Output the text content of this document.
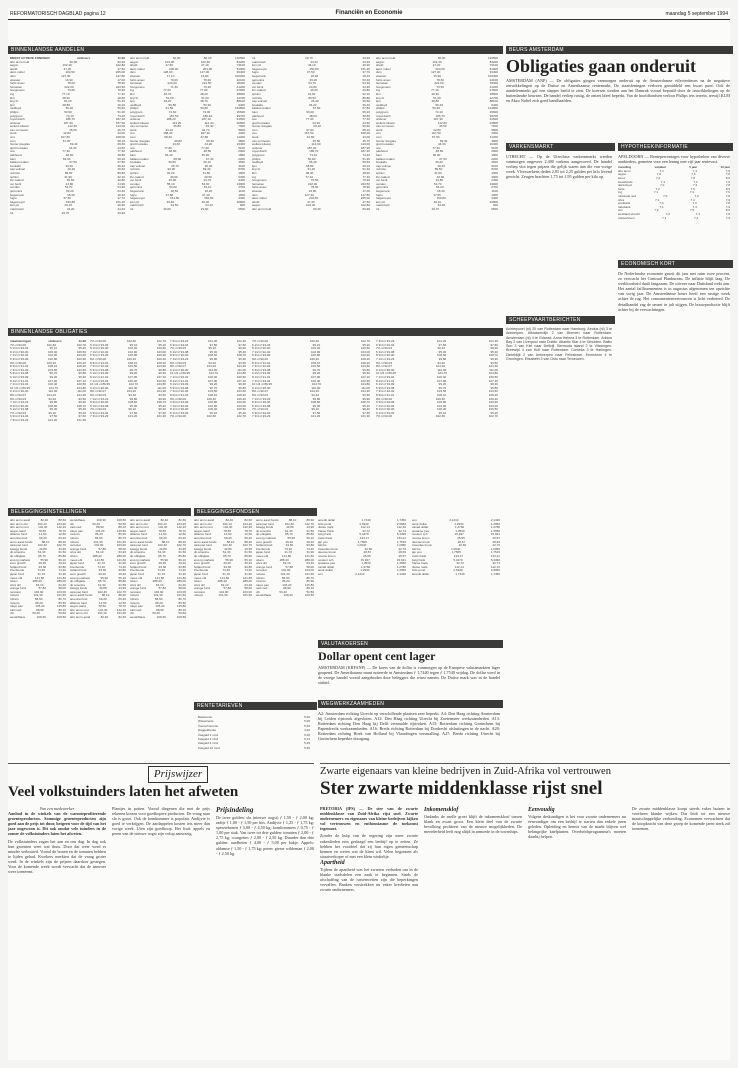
REFORMATORISCH DAGBLAD pagina 12	Financiën en Economie	maandag 5 september 1994
BINNENLANDSE AANDELEN
MEEST ACTIEVE FONDSEN	slotkoers	11.00
abn amro hold	60,30	60,90
aegon	102,40	102,80
ahold	47,20	47,50
akzo nobel	204,50	205,00
dsm	127,30	127,80
elsevier	16,90	17,00
fortis amev	78,60	78,90
heineken	222,00	223,50
hoogovens	70,50	70,90
ing	77,10	77,40
klm	48,30	48,60
knp bt	51,20	51,40
kpn	48,80	49,10
nedlloyd	56,40	56,60
philips	50,90	51,30
polygram	74,10	74,40
royal dutch	186,70	187,20
unilever	187,30	187,90
wolters kluwer	112,60	113,00
van ommeren	45,50	45,70
stork	42,80	43,00
vnu	167,50	168,00
csm	67,90	68,10
hunter douglas	69,40	69,60
gist brocades	44,30	44,50
oce	77,30	77,60
pakhoed	48,60	48,80
bam	66,00	66,20
ballast nedam	67,50	67,80
boskalis	36,20	36,40
cap volmac	26,40	26,60
nutricia	89,50	89,80
sphinx	31,90	32,10
ihc caland	40,60	40,80
ver bezit	24,80	24,90
vendex	54,70	54,90
getronics	63,20	63,40
begemann	18,30	18,40
fugro	37,50	37,70
hagemeyer	150,80	151,20
kon ptt	49,10	49,30
macintosh	44,20	44,40
tnt	29,70	29,90
abn amro hold	60,90	60,30	120500
aegon	103,00	102,30	84200
ahold	47,60	47,10	73100
akzo nobel	206,00	204,00	51000
dsm	128,00	127,00	33400
elsevier	17,10	16,80	102300
fortis amev	79,00	78,40	22100
heineken	224,00	221,50	18300
hoogovens	71,20	70,30	41200
ing	77,60	77,00	97600
klm	48,70	48,20	38900
knp bt	51,50	51,00	12700
kpn	49,20	48,70	88100
nedlloyd	56,80	56,30	9400
philips	51,50	50,80	143800
polygram	74,60	74,00	15600
royal dutch	187,50	186,40	99700
unilever	188,20	187,10	61500
wolters kluwer	113,20	112,40	20800
van ommeren	45,80	45,40	7600
stork	43,10	42,70	5900
vnu	168,40	167,30	4300
csm	68,30	67,80	11200
hunter douglas	69,80	69,30	3800
gist brocades	44,60	44,20	16400
oce	77,80	77,20	6100
pakhoed	48,90	48,50	2900
bam	66,40	65,90	1800
ballast nedam	68,00	67,40	2200
boskalis	36,50	36,10	4500
cap volmac	26,70	26,30	3100
nutricia	90,00	89,40	8700
sphinx	32,20	31,80	1600
ihc caland	40,90	40,50	3300
ver bezit	25,00	24,70	2400
vendex	55,10	54,60	13900
getronics	63,60	63,10	2700
begemann	18,50	18,20	1100
fugro	37,80	37,40	1900
hagemeyer	151,50	150,60	3400
kon ptt	49,40	49,00	22800
macintosh	44,50	44,10	900
tnt	30,00	29,60	6500
tnt	29,70	29,90
macintosh	44,20	44,40
kon ptt	49,10	49,30
hagemeyer	150,80	151,20
fugro	37,50	37,70
begemann	18,30	18,40
getronics	63,20	63,40
vendex	54,70	54,90
ver bezit	24,80	24,90
ihc caland	40,60	40,80
sphinx	31,90	32,10
nutricia	89,50	89,80
cap volmac	26,40	26,60
boskalis	36,20	36,40
ballast nedam	67,50	67,80
bam	66,00	66,20
pakhoed	48,60	48,80
oce	77,30	77,60
gist brocades	44,30	44,50
hunter douglas	69,40	69,60
csm	67,90	68,10
vnu	167,50	168,00
stork	42,80	43,00
van ommeren	45,50	45,70
wolters kluwer	112,60	113,00
unilever	187,30	187,90
royal dutch	186,70	187,20
polygram	74,10	74,40
philips	50,90	51,30
nedlloyd	56,40	56,60
kpn	48,80	49,10
knp bt	51,20	51,40
klm	48,30	48,60
ing	77,10	77,40
hoogovens	70,50	70,90
heineken	222,00	223,50
fortis amev	78,60	78,90
elsevier	16,90	17,00
dsm	127,30	127,80
akzo nobel	204,50	205,00
ahold	47,20	47,50
aegon	102,40	102,80
abn amro hold	60,30	60,90
abn amro hold	60,30	120500
aegon	102,40	84200
ahold	47,20	73100
akzo nobel	204,50	51000
dsm	127,30	33400
elsevier	16,90	102300
fortis amev	78,60	22100
heineken	222,00	18300
hoogovens	70,50	41200
ing	77,10	97600
klm	48,30	38900
knp bt	51,20	12700
kpn	48,80	88100
nedlloyd	56,40	9400
philips	50,90	143800
polygram	74,10	15600
royal dutch	186,70	99700
unilever	187,30	61500
wolters kluwer	112,60	20800
van ommeren	45,50	7600
stork	42,80	5900
vnu	167,50	4300
csm	67,90	11200
hunter douglas	69,40	3800
gist brocades	44,30	16400
oce	77,30	6100
pakhoed	48,60	2900
bam	66,00	1800
ballast nedam	67,50	2200
boskalis	36,20	4500
cap volmac	26,40	3100
nutricia	89,50	8700
sphinx	31,90	1600
ihc caland	40,60	3300
ver bezit	24,80	2400
vendex	54,70	13900
getronics	63,20	2700
begemann	18,30	1100
fugro	37,50	1900
hagemeyer	150,80	3400
kon ptt	49,10	22800
macintosh	44,20	900
tnt	29,70	6500
BINNENLANDSE OBLIGATIES
staatsleningen	slotkoers	11.00
7% nl 93-00	102,60	102,70
6 1/4 nl 93-03	95,10	95,20
8 1/4 nl 90-00	106,40	106,50
7 1/2 nl 92-02	102,90	103,00
6 3/4 nl 93-99	100,80	100,90
9% nl 90-00	109,30	109,40
8 3/4 nl 91-01	108,10	108,20
7 3/4 nl 92-02	103,50	103,60
5 3/4 nl 93-98	96,70	96,80
6 1/2 nl 93-99	99,20	99,30
8 1/2 nl 91-01	107,00	107,10
7 1/4 nl 93-04	100,40	100,50
10 1/4 nl 89-95	104,70	104,80
9 1/4 nl 90-00	110,90	111,00
8% nl 92-07	104,20	104,30
6% nl 93-03	93,40	93,50
7 1/2 nl 93-23	99,80	99,90
8 3/4 nl 90-00	108,60	108,70
5 1/2 nl 93-98	95,30	95,40
7% nl 93-03	99,10	99,20
6 3/4 nl 94-04	97,50	97,60
7 3/4 nl 93-23	101,20	101,30
7% nl 93-00	102,60	102,70
6 1/4 nl 93-03	95,10	95,20
8 1/4 nl 90-00	106,40	106,50
7 1/2 nl 92-02	102,90	103,00
6 3/4 nl 93-99	100,80	100,90
9% nl 90-00	109,30	109,40
8 3/4 nl 91-01	108,10	108,20
7 3/4 nl 92-02	103,50	103,60
5 3/4 nl 93-98	96,70	96,80
6 1/2 nl 93-99	99,20	99,30
8 1/2 nl 91-01	107,00	107,10
7 1/4 nl 93-04	100,40	100,50
10 1/4 nl 89-95	104,70	104,80
9 1/4 nl 90-00	110,90	111,00
8% nl 92-07	104,20	104,30
6% nl 93-03	93,40	93,50
7 1/2 nl 93-23	99,80	99,90
8 3/4 nl 90-00	108,60	108,70
5 1/2 nl 93-98	95,30	95,40
7% nl 93-03	99,10	99,20
6 3/4 nl 94-04	97,50	97,60
7 3/4 nl 93-23	101,20	101,30
7 3/4 nl 93-23	101,20	101,30
6 3/4 nl 94-04	97,50	97,60
7% nl 93-03	99,10	99,20
5 1/2 nl 93-98	95,30	95,40
8 3/4 nl 90-00	108,60	108,70
7 1/2 nl 93-23	99,80	99,90
6% nl 93-03	93,40	93,50
8% nl 92-07	104,20	104,30
9 1/4 nl 90-00	110,90	111,00
10 1/4 nl 89-95	104,70	104,80
7 1/4 nl 93-04	100,40	100,50
8 1/2 nl 91-01	107,00	107,10
6 1/2 nl 93-99	99,20	99,30
5 3/4 nl 93-98	96,70	96,80
7 3/4 nl 92-02	103,50	103,60
8 3/4 nl 91-01	108,10	108,20
9% nl 90-00	109,30	109,40
6 3/4 nl 93-99	100,80	100,90
7 1/2 nl 92-02	102,90	103,00
8 1/4 nl 90-00	106,40	106,50
6 1/4 nl 93-03	95,10	95,20
7% nl 93-00	102,60	102,70
7% nl 93-00	102,60	102,70
6 1/4 nl 93-03	95,10	95,20
8 1/4 nl 90-00	106,40	106,50
7 1/2 nl 92-02	102,90	103,00
6 3/4 nl 93-99	100,80	100,90
9% nl 90-00	109,30	109,40
8 3/4 nl 91-01	108,10	108,20
7 3/4 nl 92-02	103,50	103,60
5 3/4 nl 93-98	96,70	96,80
6 1/2 nl 93-99	99,20	99,30
8 1/2 nl 91-01	107,00	107,10
7 1/4 nl 93-04	100,40	100,50
10 1/4 nl 89-95	104,70	104,80
9 1/4 nl 90-00	110,90	111,00
8% nl 92-07	104,20	104,30
6% nl 93-03	93,40	93,50
7 1/2 nl 93-23	99,80	99,90
8 3/4 nl 90-00	108,60	108,70
5 1/2 nl 93-98	95,30	95,40
7% nl 93-03	99,10	99,20
6 3/4 nl 94-04	97,50	97,60
7 3/4 nl 93-23	101,20	101,30
7 3/4 nl 93-23	101,20	101,30
6 3/4 nl 94-04	97,50	97,60
7% nl 93-03	99,10	99,20
5 1/2 nl 93-98	95,30	95,40
8 3/4 nl 90-00	108,60	108,70
7 1/2 nl 93-23	99,80	99,90
6% nl 93-03	93,40	93,50
8% nl 92-07	104,20	104,30
9 1/4 nl 90-00	110,90	111,00
10 1/4 nl 89-95	104,70	104,80
7 1/4 nl 93-04	100,40	100,50
8 1/2 nl 91-01	107,00	107,10
6 1/2 nl 93-99	99,20	99,30
5 3/4 nl 93-98	96,70	96,80
7 3/4 nl 92-02	103,50	103,60
8 3/4 nl 91-01	108,10	108,20
9% nl 90-00	109,30	109,40
6 3/4 nl 93-99	100,80	100,90
7 1/2 nl 92-02	102,90	103,00
8 1/4 nl 90-00	106,40	106,50
6 1/4 nl 93-03	95,10	95,20
7% nl 93-00	102,60	102,70
BELEGGINGSINSTELLINGEN
abn amro aand	82,40	82,60
abn amro obl	164,10	164,20
abn amro rent	142,30	142,40
aegon aand	78,50	78,70
alliance fund	12,60	12,60
america fund	69,20	69,40
amro aand fonds	88,10	88,30
asia pac fund	102,40	102,70
belegg fonds	43,80	43,90
dp america	61,30	61,50
dp obligatie	85,70	85,80
emerg markets	55,90	56,10
euro growth	49,20	49,40
holland fund	93,60	93,80
interbonds	74,30	74,40
japan fund	31,70	31,90
mees obl	121,50	121,60
obam	288,40	289,00
ohra obl	63,10	63,20
orange fund	57,80	58,00
rentvast	102,90	103,00
robeco	101,30	101,60
rolinco	86,50	86,70
rorento	86,20	86,30
tokyo pac	145,20	145,80
vast ned	88,90	89,10
vib	50,40	50,50
wereldhave	109,30	109,50
wereldhave	109,30	109,50
vib	50,40	50,50
vast ned	88,90	89,10
tokyo pac	145,20	145,80
rorento	86,20	86,30
rolinco	86,50	86,70
robeco	101,30	101,60
rentvast	102,90	103,00
orange fund	57,80	58,00
ohra obl	63,10	63,20
obam	288,40	289,00
mees obl	121,50	121,60
japan fund	31,70	31,90
interbonds	74,30	74,40
holland fund	93,60	93,80
euro growth	49,20	49,40
emerg markets	55,90	56,10
dp obligatie	85,70	85,80
dp america	61,30	61,50
belegg fonds	43,80	43,90
asia pac fund	102,40	102,70
amro aand fonds	88,10	88,30
america fund	69,20	69,40
alliance fund	12,60	12,60
aegon aand	78,50	78,70
abn amro rent	142,30	142,40
abn amro obl	164,10	164,20
abn amro aand	82,40	82,60
abn amro aand	82,40	82,60
abn amro obl	164,10	164,20
abn amro rent	142,30	142,40
aegon aand	78,50	78,70
alliance fund	12,60	12,60
america fund	69,20	69,40
amro aand fonds	88,10	88,30
asia pac fund	102,40	102,70
belegg fonds	43,80	43,90
dp america	61,30	61,50
dp obligatie	85,70	85,80
emerg markets	55,90	56,10
euro growth	49,20	49,40
holland fund	93,60	93,80
interbonds	74,30	74,40
japan fund	31,70	31,90
mees obl	121,50	121,60
obam	288,40	289,00
ohra obl	63,10	63,20
orange fund	57,80	58,00
rentvast	102,90	103,00
robeco	101,30	101,60
rolinco	86,50	86,70
rorento	86,20	86,30
tokyo pac	145,20	145,80
vast ned	88,90	89,10
vib	50,40	50,50
wereldhave	109,30	109,50
BELEGGINGSFONDSEN
abn amro aand	82,40	82,60
abn amro obl	164,10	164,20
abn amro rent	142,30	142,40
aegon aand	78,50	78,70
alliance fund	12,60	12,60
america fund	69,20	69,40
amro aand fonds	88,10	88,30
asia pac fund	102,40	102,70
belegg fonds	43,80	43,90
dp america	61,30	61,50
dp obligatie	85,70	85,80
emerg markets	55,90	56,10
euro growth	49,20	49,40
holland fund	93,60	93,80
interbonds	74,30	74,40
japan fund	31,70	31,90
mees obl	121,50	121,60
obam	288,40	289,00
ohra obl	63,10	63,20
orange fund	57,80	58,00
rentvast	102,90	103,00
robeco	101,30	101,60
amro aand fonds	88,10	88,30
asia pac fund	102,40	102,70
belegg fonds	43,80	43,90
dp america	61,30	61,50
dp obligatie	85,70	85,80
emerg markets	55,90	56,10
euro growth	49,20	49,40
holland fund	93,60	93,80
interbonds	74,30	74,40
japan fund	31,70	31,90
mees obl	121,50	121,60
obam	288,40	289,00
ohra obl	63,10	63,20
orange fund	57,80	58,00
rentvast	102,90	103,00
robeco	101,30	101,60
rolinco	86,50	86,70
rorento	86,20	86,30
tokyo pac	145,20	145,80
vast ned	88,90	89,10
vib	50,40	50,50
wereldhave	109,30	109,50
RENTETARIEVEN
Basisrente	5,00
Wisselrente	5,00
Voorschotrente	5,50
Daggeldrente	4,92
Kasgeld 1 mnd	5,06
Kasgeld 3 mnd	5,13
Kasgeld 6 mnd	5,25
Kasgeld 12 mnd	5,56
amerik dollar	1,7440	1,7450
brits pond	2,6940	2,6960
duitse mark	112,14	112,16
franse frank	32,72	32,74
belg frank	5,4470	5,4490
zwits frank	133,17	133,21
jap yen	1,7505	1,7515
ital lire	1,0940	1,0950
zweedse kroon	22,66	22,70
deense kroon	28,67	28,69
noorse kroon	25,55	25,57
oostenr sch	15,937	15,941
spaanse pes	1,3530	1,3550
canad dollar	1,2760	1,2780
austr dollar	1,2930	1,2950
ecu	2,1410	2,1430
ecu	2,1410	2,1430
austr dollar	1,2930	1,2950
canad dollar	1,2760	1,2780
spaanse pes	1,3530	1,3550
oostenr sch	15,937	15,941
noorse kroon	25,55	25,57
deense kroon	28,67	28,69
zweedse kroon	22,66	22,70
ital lire	1,0940	1,0950
jap yen	1,7505	1,7515
zwits frank	133,17	133,21
belg frank	5,4470	5,4490
franse frank	32,72	32,74
duitse mark	112,14	112,16
brits pond	2,6940	2,6960
amerik dollar	1,7440	1,7450
VALUTAKOERSEN
Dollar opent cent lager
AMSTERDAM (KRFANP) — De koers van de dollar is vanmorgen op de Europese valutamarkten lager geopend. De Amerikaanse munt noteerde in Amsterdam ƒ 1,7440 tegen ƒ 1,7540 vrijdag. De dollar werd in de vroege handel vooral aangeboden door beleggers die winst namen. De Duitse mark was in de handel stabiel.
WEGWERKZAAMHEDEN
A2: Amsterdam richting Utrecht op verschillende plaatsen zeer beperkt. A4: Den Haag richting Amsterdam bij Leiden rijstrook afgesloten. A12: Den Haag richting Utrecht bij Zoetermeer werkzaamheden. A13: Rotterdam richting Den Haag bij Delft versmalde rijstroken. A15: Rotterdam richting Gorinchem bij Papendrecht werkzaamheden. A16: Breda richting Rotterdam bij Dordrecht afsluitingen in de nacht. A20: Rotterdam richting Hoek van Holland bij Vlaardingen versmalling. A27: Breda richting Utrecht bij Gorinchem beperkte doorgang.
BEURS AMSTERDAM
Obligaties gaan onderuit
AMSTERDAM (ANP) — De obligaties gingen vanmorgen onderuit op de Amsterdamse effectenbeurs na de negatieve ontwikkelingen op de Duitse en Amerikaanse rentemarkt. De staatsleningen verloren gemiddeld een kwart punt. Ook de aandelenmarkt gaf een slapper beeld te zien. De koersen werden aan het Damrak vooral bepaald door de ontwikkelingen op de buitenlandse beurzen. De handel verliep rustig, de omzet bleef beperkt. Van de hoofdfondsen verloor Philips iets terrein, terwijl KLM en Akzo Nobel zich goed handhaafden.
VARKENSMARKT
UTRECHT — Op de Utrechtse varkensmarkt werden vanmorgen ongeveer 2.400 varkens aangevoerd. De handel verliep vlot tegen prijzen die gelijk waren aan die van vorige week. Vleesvarkens deden 2,05 tot 2,25 gulden per kilo levend gewicht. Zeugen brachten 1,75 tot 1,95 gulden per kilo op.
HYPOTHEEKINFORMATIE
APELDOORN — Rentepercentages voor hypotheken van diverse aanbieders, gemeten voor een lening met vijf jaar rentevast.
instelling	variabel	5 jaar	10 jaar
abn amro	7,1	7,4	7,9
aegon	7,0	7,3	7,8
amev	7,2	7,5	8,0
bouwfonds	7,1	7,4	7,9
delta lloyd	7,0	7,3	7,8
fortis	7,2	7,5	8,0
ing	7,1	7,4	7,9
nationale ned	7,0	7,3	7,8
ohra	7,1	7,4	7,9
postbank	7,0	7,3	7,8
rabobank	7,1	7,4	7,9
sns	7,2	7,5	8,0
westland utrecht	7,0	7,3	7,8
zwitserleven	7,1	7,4	7,9
SCHEEPVAARTBERICHTEN
Achterpoort (nl) 20 van Rotterdam naar Hamburg. Aeolus (nl) 3 te Antwerpen. Alblasserdijk 2 van Bremen naar Rotterdam. Amsterdam (nl) 4 te Gdansk. Anna Helena 3 te Rotterdam. Arklow Bay 2 van Liverpool naar Dublin. Atlantic Star 4 te IJmuiden. Baltic Sun 3 van Kiel naar Delfzijl. Bermuda Island 2 te Vlissingen. Breewijd 4 van Hull naar Rotterdam. Cornelia 3 te Harlingen. Dinteldijk 2 van Antwerpen naar Felixstowe. Eemshorn 4 te Groningen. Elisabeth 3 van Oslo naar Terneuzen.
ECONOMISCH KORT
De Nederlandse economie groeit dit jaar met ruim twee procent, zo verwacht het Centraal Planbureau. De inflatie blijft laag. De werkloosheid daalt langzaam. De uitvoer naar Duitsland trekt aan. Het aantal faillissementen is in augustus afgenomen ten opzichte van vorig jaar. De Amsterdamse beurs heeft een rustige week achter de rug. Het consumentenvertrouwen is licht verbeterd. De detailhandel zag de omzet in juli stijgen. De bouwproductie blijft achter bij de verwachtingen.
Prijswijzer
Veel volkstuinders laten het afweten
Van een medewerker
Aanbod in de winkels van de warmteprofiterende groenteproducten. Sommige groenteproducten zijn goed aan de prijs tot duur, hetgeen voor de tijd van het jaar ongewoon is. Dit ook omdat vele tuinders in de zomer de volkstuinders laten het afweten.
De volkstuinders zagen het aan en ons dag. In dag ook hun groenten weet wat thuis. Door dat weer werd er minder verbouwd. Vooral de bonen en de tomaten hebben te lijden gehad. Kwekers merkten dat de vraag groter werd. In de winkels zijn de prijzen daardoor gestegen. Voor de komende week wordt verwacht dat de aanvoer weer toeneemt.
Plantjes in potten. Vooral diegenen die met de prijs rekenen kiezen voor goedkopere producten. De vraag naar sla is groot. Ook de komkommer is populair. Andijvie is goed te verkrijgen. De aardappelen kosten iets meer dan vorige week. Uien zijn goedkoop. Het fruit: appels en peren van de nieuwe oogst zijn volop aanwezig.
Prijsindeling
De twee golden: sla (nieuwe oogst) ƒ 1,50 - ƒ 2,00 kg; radijs ƒ 1,00 - ƒ 1,50 per bos. Andijvie ƒ 1,25 - ƒ 1,75 kg; sperziebonen ƒ 3,00 - ƒ 4,50 kg; komkommers ƒ 0,75 - ƒ 1,00 per stuk. Van twee tot drie gulden: tomaten ƒ 2,00 - ƒ 2,75 kg; courgettes ƒ 2,00 - ƒ 2,50 kg. Duurder dan drie gulden: aardbeien ƒ 4,00 - ƒ 5,00 per bakje. Appels: aldamse ƒ 1,50 - ƒ 1,75 kg; peren: gieser wildeman ƒ 2,00 - ƒ 2,50 kg.
Zwarte eigenaars van kleine bedrijven in Zuid-Afrika vol vertrouwen
Ster zwarte middenklasse rijst snel
PRETORIA (IPS) — De ster van de zwarte middenklasse van Zuid-Afrika rijst snel. Zwarte ondernemers en eigenaars van kleine bedrijven kijken vol vertrouwen en enthousiasme de toekomst tegemoet.
Zonder de hulp van de regering zijn meer zwarte zakenlieden erin geslaagd een bedrijf op te zetten. Ze hebben het voordeel dat zij hun eigen gemeenschap kennen en weten wat de klant wil. Velen begonnen als straatverkoper of met een klein winkeltje.
Apartheid
Tijdens de apartheid was het zwarten verboden om in de blanke stadsdelen een zaak te beginnen. Sinds de afschaffing van de rassenwetten zijn die beperkingen vervallen. Banken verstrekken nu vaker kredieten aan zwarte ondernemers.
Inkomensklof
Ondanks de snelle groei blijft de inkomenskloof tussen blank en zwart groot. Een klein deel van de zwarte bevolking profiteert van de nieuwe mogelijkheden. De meerderheid leeft nog altijd in armoede in de townships.
Eenvoudig
Volgens deskundigen is het voor zwarte ondernemers nu eenvoudiger om een bedrijf te starten dan enkele jaren geleden. Opleiding en kennis van de markt blijven wel belangrijke knelpunten. Overheidsprogramma's moeten daarbij helpen.
De zwarte middenklasse koopt steeds vaker huizen in voorheen blanke wijken. Dat leidt tot een nieuwe maatschappelijke verhouding. Economen verwachten dat de koopkracht van deze groep de komende jaren sterk zal toenemen.
